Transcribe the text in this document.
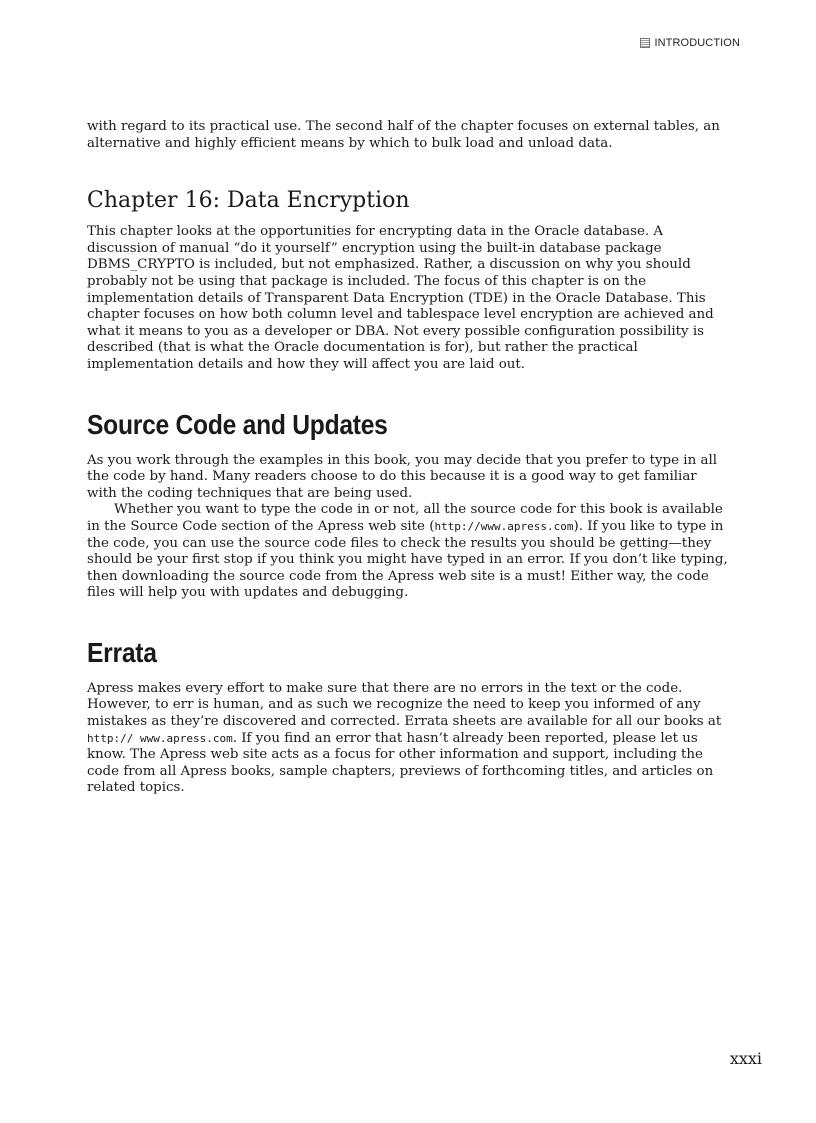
INTRODUCTION

with regard to its practical use. The second half of the chapter focuses on external tables, an alternative and highly efficient means by which to bulk load and unload data.

Chapter 16: Data Encryption

This chapter looks at the opportunities for encrypting data in the Oracle database. A discussion of manual “do it yourself” encryption using the built-in database package DBMS_CRYPTO is included, but not emphasized. Rather, a discussion on why you should probably not be using that package is included. The focus of this chapter is on the implementation details of Transparent Data Encryption (TDE) in the Oracle Database. This chapter focuses on how both column level and tablespace level encryption are achieved and what it means to you as a developer or DBA. Not every possible configuration possibility is described (that is what the Oracle documentation is for), but rather the practical implementation details and how they will affect you are laid out.

Source Code and Updates

As you work through the examples in this book, you may decide that you prefer to type in all the code by hand. Many readers choose to do this because it is a good way to get familiar with the coding techniques that are being used.

Whether you want to type the code in or not, all the source code for this book is available in the Source Code section of the Apress web site (http://www.apress.com). If you like to type in the code, you can use the source code files to check the results you should be getting—they should be your first stop if you think you might have typed in an error. If you don’t like typing, then downloading the source code from the Apress web site is a must! Either way, the code files will help you with updates and debugging.

Errata

Apress makes every effort to make sure that there are no errors in the text or the code. However, to err is human, and as such we recognize the need to keep you informed of any mistakes as they’re discovered and corrected. Errata sheets are available for all our books at http:// www.apress.com. If you find an error that hasn’t already been reported, please let us know. The Apress web site acts as a focus for other information and support, including the code from all Apress books, sample chapters, previews of forthcoming titles, and articles on related topics.

xxxi
